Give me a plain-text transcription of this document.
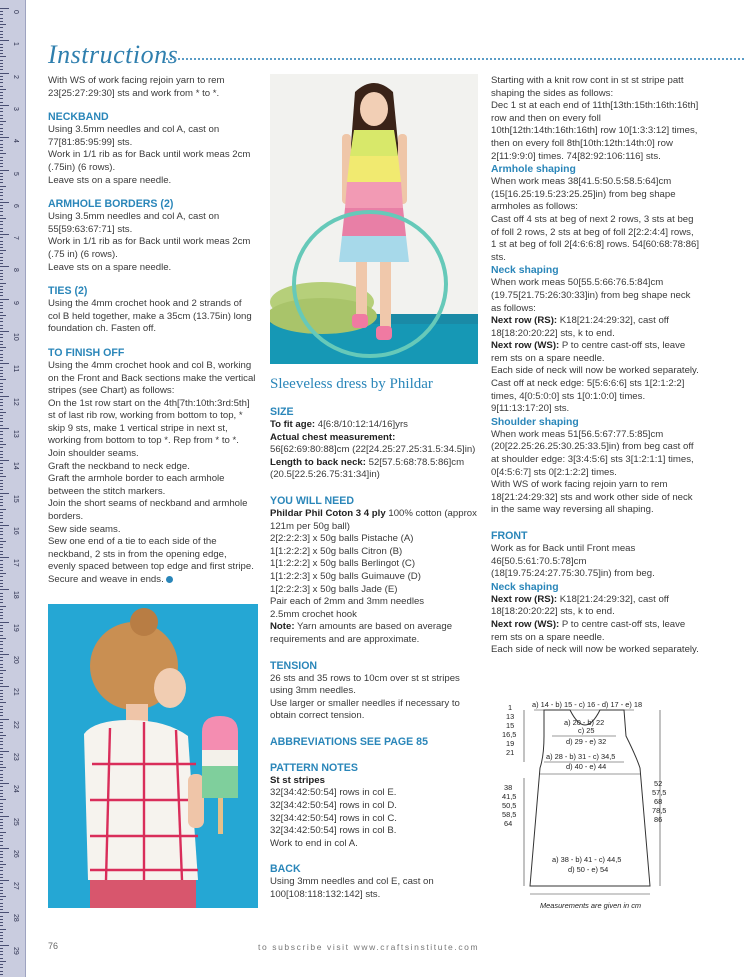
0
1
2
3
4
5
6
7
8
9
10
11
12
13
14
15
16
17
18
19
20
21
22
23
24
25
26
27
28
29
Instructions

With WS of work facing rejoin yarn to rem 23[25:27:29:30] sts and work from * to *.

NECKBAND

Using 3.5mm needles and col A, cast on 77[81:85:95:99] sts.

Work in 1/1 rib as for Back until work meas 2cm (.75in) (6 rows).

Leave sts on a spare needle.

ARMHOLE BORDERS (2)

Using 3.5mm needles and col A, cast on 55[59:63:67:71] sts.

Work in 1/1 rib as for Back until work meas 2cm (.75 in) (6 rows).

Leave sts on a spare needle.

TIES (2)

Using the 4mm crochet hook and 2 strands of col B held together, make a 35cm (13.75in) long foundation ch. Fasten off.

TO FINISH OFF

Using the 4mm crochet hook and col B, working on the Front and Back sections make the vertical stripes (see Chart) as follows:

On the 1st row start on the 4th[7th:10th:3rd:5th] st of last rib row, working from bottom to top, * skip 9 sts, make 1 vertical stripe in next st, working from bottom to top *. Rep from * to *.

Join shoulder seams.

Graft the neckband to neck edge.

Graft the armhole border to each armhole between the stitch markers.

Join the short seams of neckband and armhole borders.

Sew side seams.

Sew one end of a tie to each side of the neckband, 2 sts in from the opening edge, evenly spaced between top edge and first stripe.

Secure and weave in ends.

Sleeveless dress by Phildar

SIZE

To fit age: 4[6:8/10:12:14/16]yrs

Actual chest measurement:

56[62:69:80:88]cm (22[24.25:27.25:31.5:34.5]in)

Length to back neck: 52[57.5:68:78.5:86]cm (20.5[22.5:26.75:31:34]in)

YOU WILL NEED

Phildar Phil Coton 3 4 ply 100% cotton (approx 121m per 50g ball)

2[2:2:2:3] x 50g balls Pistache (A)

1[1:2:2:2] x 50g balls Citron (B)

1[1:2:2:2] x 50g balls Berlingot (C)

1[1:2:2:3] x 50g balls Guimauve (D)

1[2:2:2:3] x 50g balls Jade (E)

Pair each of 2mm and 3mm needles

2.5mm crochet hook

Note: Yarn amounts are based on average requirements and are approximate.

TENSION

26 sts and 35 rows to 10cm over st st stripes using 3mm needles.

Use larger or smaller needles if necessary to obtain correct tension.

ABBREVIATIONS SEE PAGE 85

PATTERN NOTES

St st stripes

32[34:42:50:54] rows in col E.

32[34:42:50:54] rows in col D.

32[34:42:50:54] rows in col C.

32[34:42:50:54] rows in col B.

Work to end in col A.

BACK

Using 3mm needles and col E, cast on 100[108:118:132:142] sts.

Starting with a knit row cont in st st stripe patt shaping the sides as follows:

Dec 1 st at each end of 11th[13th:15th:16th:16th] row and then on every foll 10th[12th:14th:16th:16th] row 10[1:3:3:12] times, then on every foll 8th[10th:12th:14th:0] row 2[11:9:9:0] times. 74[82:92:106:116] sts.

Armhole shaping

When work meas 38[41.5:50.5:58.5:64]cm (15[16.25:19.5:23:25.25]in) from beg shape armholes as follows:

Cast off 4 sts at beg of next 2 rows, 3 sts at beg of foll 2 rows, 2 sts at beg of foll 2[2:2:4:4] rows, 1 st at beg of foll 2[4:6:6:8] rows. 54[60:68:78:86] sts.

Neck shaping

When work meas 50[55.5:66:76.5:84]cm (19.75[21.75:26:30:33]in) from beg shape neck as follows:

Next row (RS): K18[21:24:29:32], cast off 18[18:20:20:22] sts, k to end.

Next row (WS): P to centre cast-off sts, leave rem sts on a spare needle.

Each side of neck will now be worked separately.

Cast off at neck edge: 5[5:6:6:6] sts 1[2:1:2:2] times, 4[0:5:0:0] sts 1[0:1:0:0] times. 9[11:13:17:20] sts.

Shoulder shaping

When work meas 51[56.5:67:77.5:85]cm (20[22.25:26.25:30.25:33.5]in) from beg cast off at shoulder edge: 3[3:4:5:6] sts 3[1:2:1:1] times, 0[4:5:6:7] sts 0[2:1:2:2] times.

With WS of work facing rejoin yarn to rem 18[21:24:29:32] sts and work other side of neck in the same way reversing all shaping.

FRONT

Work as for Back until Front meas 46[50.5:61:70.5:78]cm (18[19.75:24:27.75:30.75]in) from beg.

Neck shaping

Next row (RS): K18[21:24:29:32], cast off 18[18:20:20:22] sts, k to end.

Next row (WS): P to centre cast-off sts, leave rem sts on a spare needle.

Each side of neck will now be worked separately.

a) 14 - b) 15 - c) 16 - d) 17 - e) 18
1
13
15
16,5
19
21
a) 20 - b) 22
c) 25
d) 29 - e) 32
a) 28 - b) 31 - c) 34,5
d) 40 - e) 44
38
41,5
50,5
58,5
64
52
57,5
68
78,5
86
a) 38 - b) 41 - c) 44,5
d) 50 - e) 54
Measurements are given in cm
76	to subscribe visit www.craftsinstitute.com
